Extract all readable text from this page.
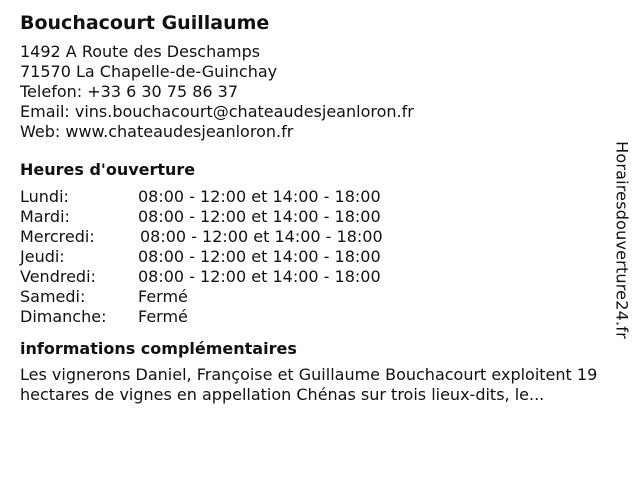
Bouchacourt Guillaume
1492 A Route des Deschamps
71570 La Chapelle-de-Guinchay
Telefon: +33 6 30 75 86 37
Email: vins.bouchacourt@chateaudesjeanloron.fr
Web: www.chateaudesjeanloron.fr
Heures d'ouverture
Lundi:	08:00 - 12:00 et 14:00 - 18:00
Mardi:	08:00 - 12:00 et 14:00 - 18:00
Mercredi:	08:00 - 12:00 et 14:00 - 18:00
Jeudi:	08:00 - 12:00 et 14:00 - 18:00
Vendredi:	08:00 - 12:00 et 14:00 - 18:00
Samedi:	Fermé
Dimanche:	Fermé
informations complémentaires
Les vignerons Daniel, Françoise et Guillaume Bouchacourt exploitent 19 hectares de vignes en appellation Chénas sur trois lieux-dits, le...
Horairesdouverture24.fr
